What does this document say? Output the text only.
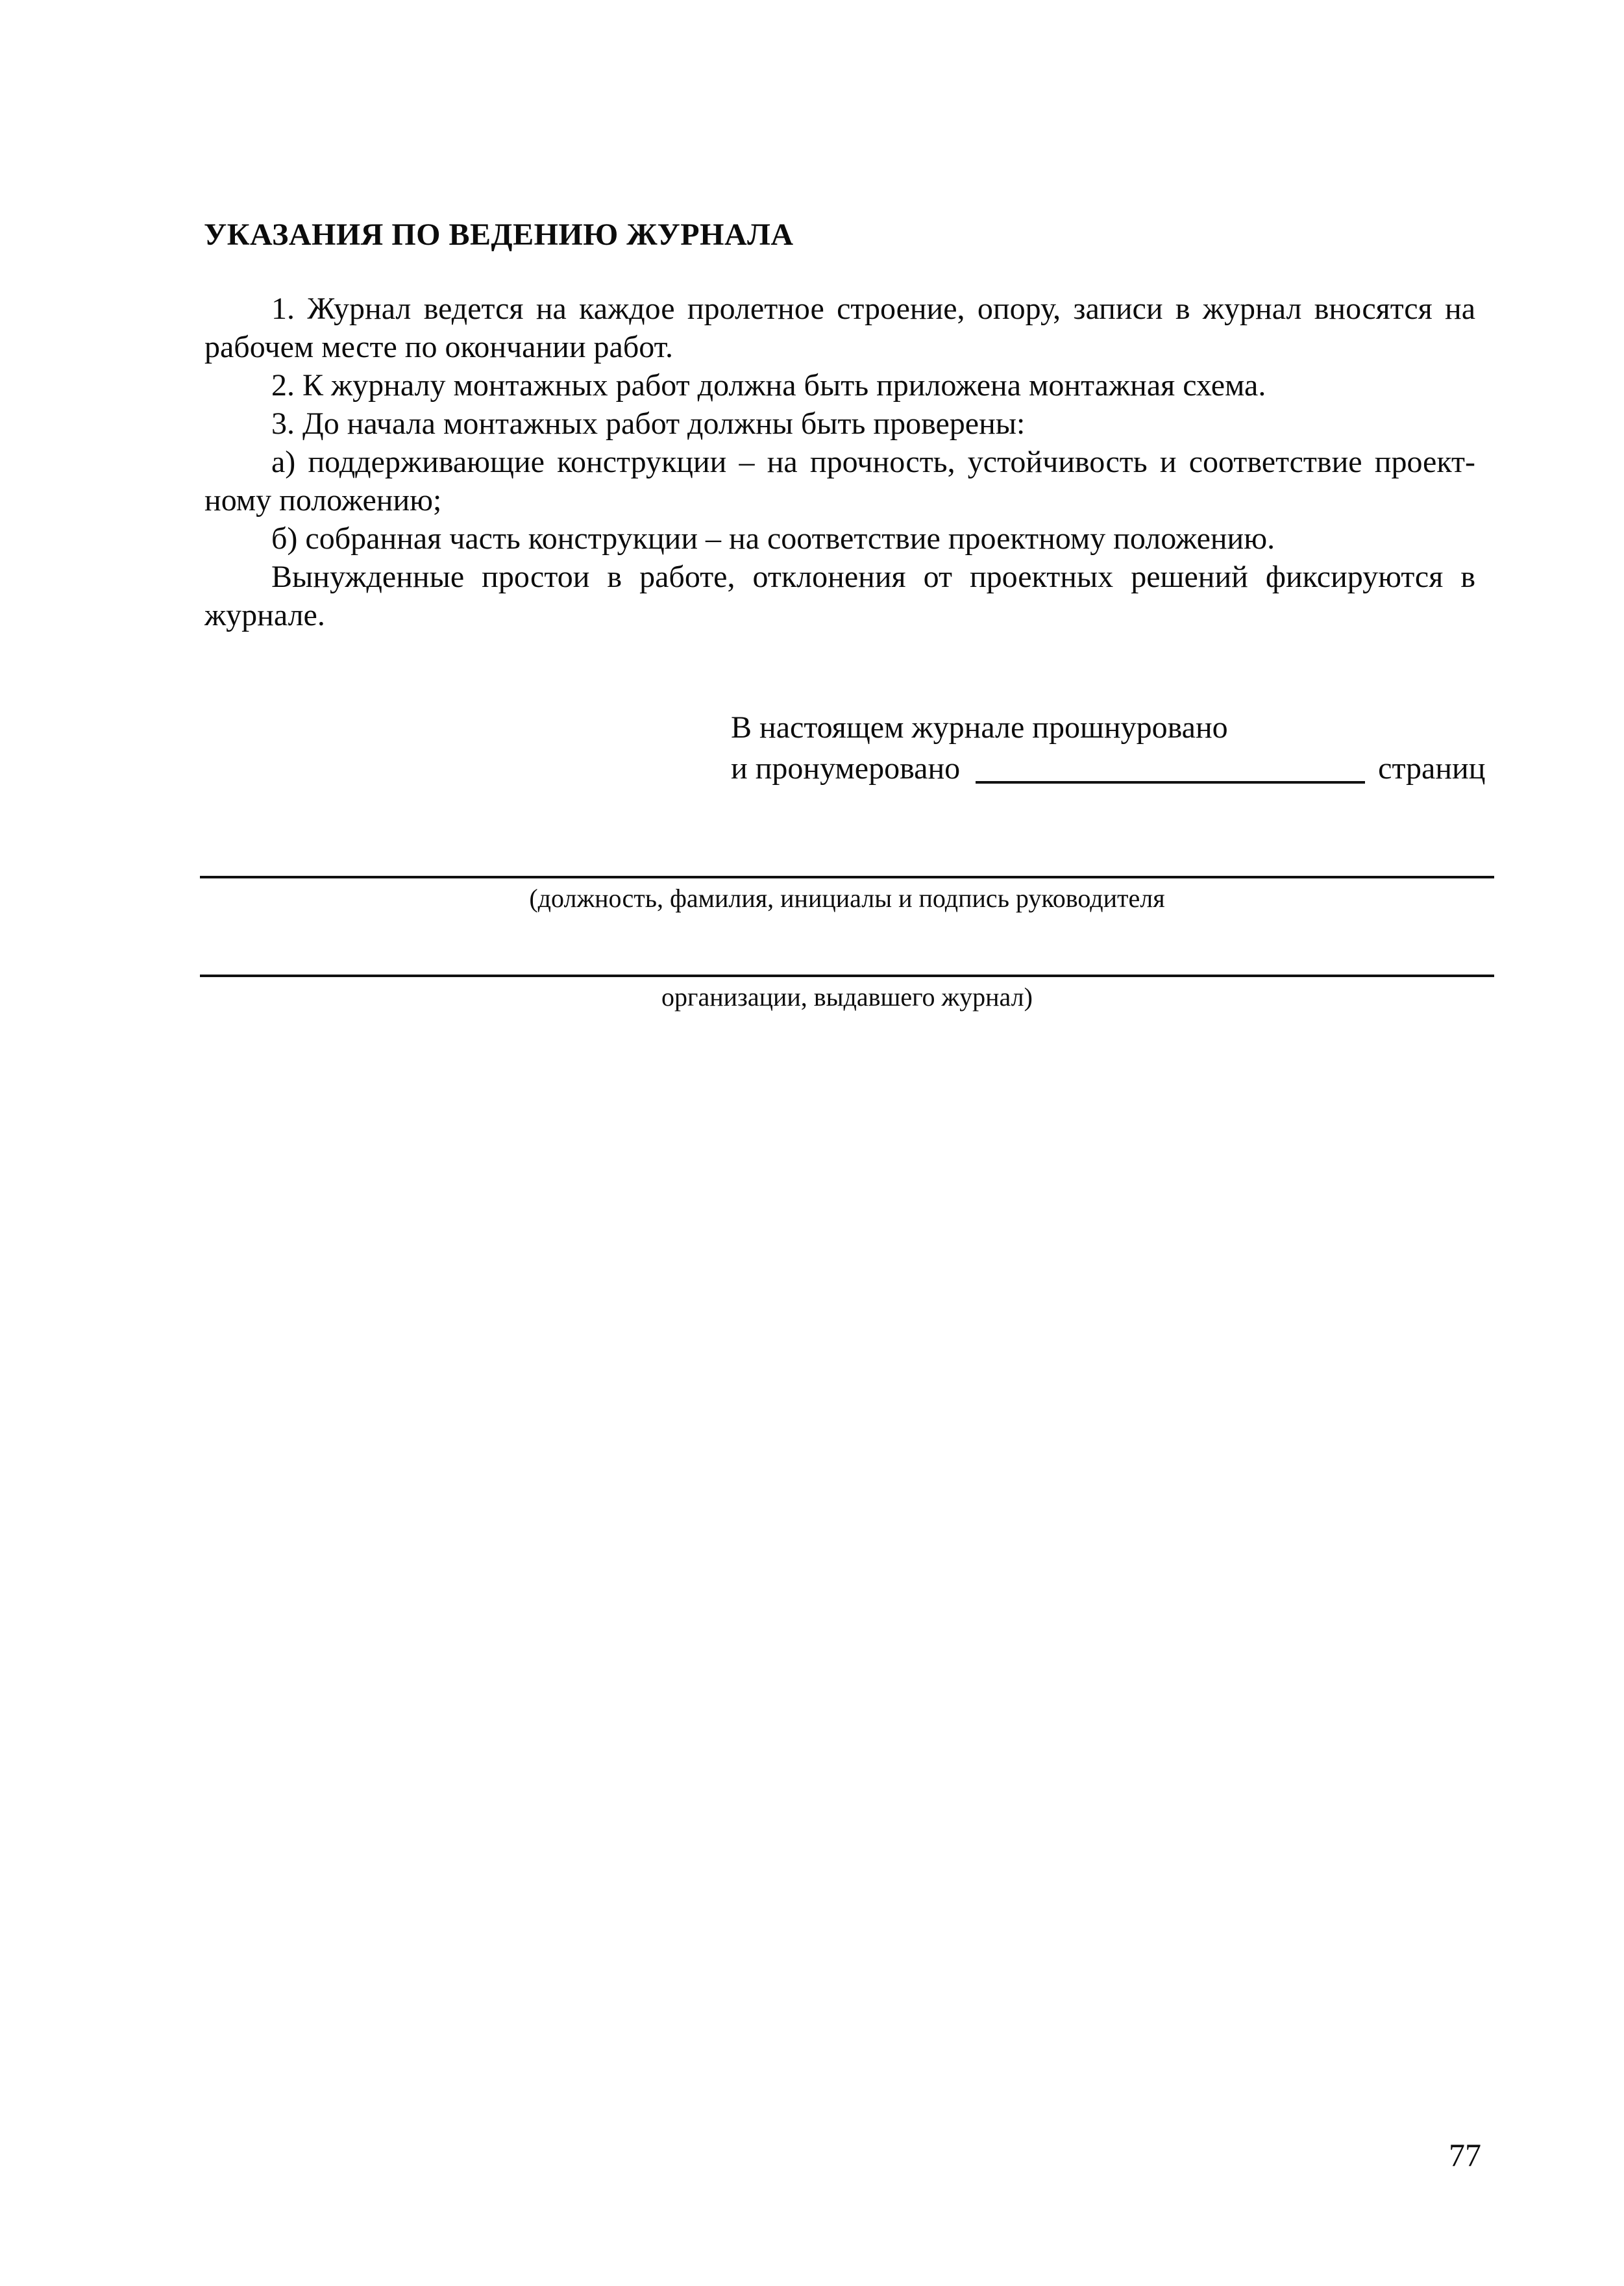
УКАЗАНИЯ ПО ВЕДЕНИЮ ЖУРНАЛА
1. Журнал ведется на каждое пролетное строение, опору, записи в журнал вносятся на
рабочем месте по окончании работ.
2. К журналу монтажных работ должна быть приложена монтажная схема.
3. До начала монтажных работ должны быть проверены:
а) поддерживающие конструкции – на прочность, устойчивость и соответствие проект-
ному положению;
б) собранная часть конструкции – на соответствие проектному положению.
Вынужденные простои в работе, отклонения от проектных решений фиксируются в
журнале.
В настоящем журнале прошнуровано
и пронумеровано	страниц
(должность, фамилия, инициалы и подпись руководителя
организации, выдавшего журнал)
77
